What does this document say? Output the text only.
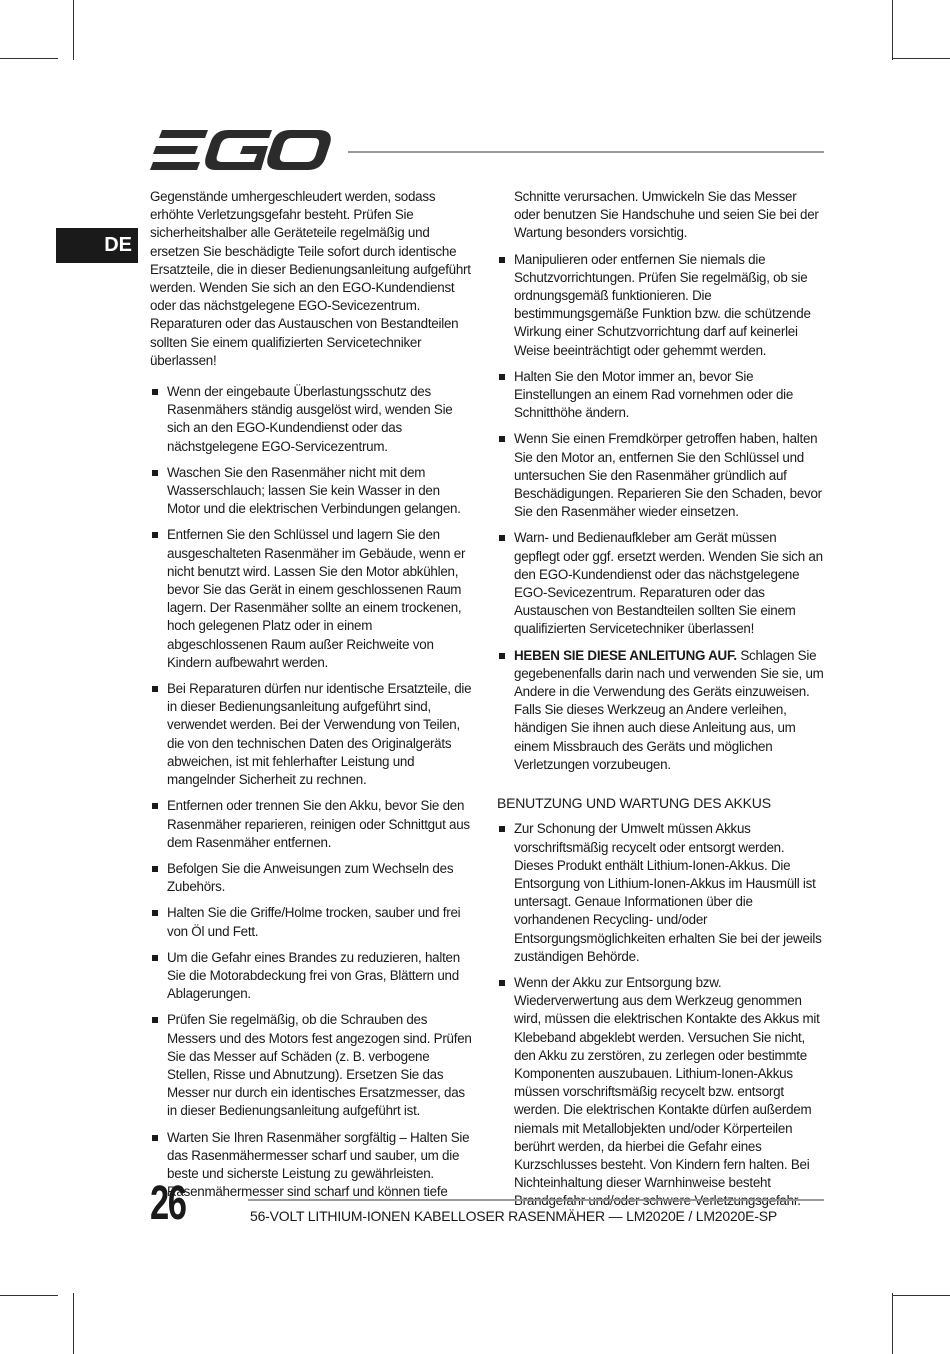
DE

Gegenstände umhergeschleudert werden, sodass erhöhte Verletzungsgefahr besteht. Prüfen Sie sicherheitshalber alle Geräteteile regelmäßig und ersetzen Sie beschädigte Teile sofort durch identische Ersatzteile, die in dieser Bedienungsanleitung aufgeführt werden. Wenden Sie sich an den EGO-Kundendienst oder das nächstgelegene EGO-Sevicezentrum. Reparaturen oder das Austauschen von Bestandteilen sollten Sie einem qualifizierten Servicetechniker überlassen!

Wenn der eingebaute Überlastungsschutz des Rasenmähers ständig ausgelöst wird, wenden Sie sich an den EGO-Kundendienst oder das nächstgelegene EGO-Servicezentrum.
Waschen Sie den Rasenmäher nicht mit dem Wasserschlauch; lassen Sie kein Wasser in den Motor und die elektrischen Verbindungen gelangen.
Entfernen Sie den Schlüssel und lagern Sie den ausgeschalteten Rasenmäher im Gebäude, wenn er nicht benutzt wird. Lassen Sie den Motor abkühlen, bevor Sie das Gerät in einem geschlossenen Raum lagern. Der Rasenmäher sollte an einem trockenen, hoch gelegenen Platz oder in einem abgeschlossenen Raum außer Reichweite von Kindern aufbewahrt werden.
Bei Reparaturen dürfen nur identische Ersatzteile, die in dieser Bedienungsanleitung aufgeführt sind, verwendet werden. Bei der Verwendung von Teilen, die von den technischen Daten des Originalgeräts abweichen, ist mit fehlerhafter Leistung und mangelnder Sicherheit zu rechnen.
Entfernen oder trennen Sie den Akku, bevor Sie den Rasenmäher reparieren, reinigen oder Schnittgut aus dem Rasenmäher entfernen.
Befolgen Sie die Anweisungen zum Wechseln des Zubehörs.
Halten Sie die Griffe/Holme trocken, sauber und frei von Öl und Fett.
Um die Gefahr eines Brandes zu reduzieren, halten Sie die Motorabdeckung frei von Gras, Blättern und Ablagerungen.
Prüfen Sie regelmäßig, ob die Schrauben des Messers und des Motors fest angezogen sind. Prüfen Sie das Messer auf Schäden (z. B. verbogene Stellen, Risse und Abnutzung). Ersetzen Sie das Messer nur durch ein identisches Ersatzmesser, das in dieser Bedienungsanleitung aufgeführt ist.
Warten Sie Ihren Rasenmäher sorgfältig – Halten Sie das Rasenmähermesser scharf und sauber, um die beste und sicherste Leistung zu gewährleisten. Rasenmähermesser sind scharf und können tiefe

Schnitte verursachen. Umwickeln Sie das Messer oder benutzen Sie Handschuhe und seien Sie bei der Wartung besonders vorsichtig.

Manipulieren oder entfernen Sie niemals die Schutzvorrichtungen. Prüfen Sie regelmäßig, ob sie ordnungsgemäß funktionieren. Die bestimmungsgemäße Funktion bzw. die schützende Wirkung einer Schutzvorrichtung darf auf keinerlei Weise beeinträchtigt oder gehemmt werden.
Halten Sie den Motor immer an, bevor Sie Einstellungen an einem Rad vornehmen oder die Schnitthöhe ändern.
Wenn Sie einen Fremdkörper getroffen haben, halten Sie den Motor an, entfernen Sie den Schlüssel und untersuchen Sie den Rasenmäher gründlich auf Beschädigungen. Reparieren Sie den Schaden, bevor Sie den Rasenmäher wieder einsetzen.
Warn- und Bedienaufkleber am Gerät müssen gepflegt oder ggf. ersetzt werden. Wenden Sie sich an den EGO-Kundendienst oder das nächstgelegene EGO-Sevicezentrum. Reparaturen oder das Austauschen von Bestandteilen sollten Sie einem qualifizierten Servicetechniker überlassen!
HEBEN SIE DIESE ANLEITUNG AUF. Schlagen Sie gegebenenfalls darin nach und verwenden Sie sie, um Andere in die Verwendung des Geräts einzuweisen. Falls Sie dieses Werkzeug an Andere verleihen, händigen Sie ihnen auch diese Anleitung aus, um einem Missbrauch des Geräts und möglichen Verletzungen vorzubeugen.
BENUTZUNG UND WARTUNG DES AKKUS
Zur Schonung der Umwelt müssen Akkus vorschriftsmäßig recycelt oder entsorgt werden. Dieses Produkt enthält Lithium-Ionen-Akkus. Die Entsorgung von Lithium-Ionen-Akkus im Hausmüll ist untersagt. Genaue Informationen über die vorhandenen Recycling- und/oder Entsorgungsmöglichkeiten erhalten Sie bei der jeweils zuständigen Behörde.
Wenn der Akku zur Entsorgung bzw. Wiederverwertung aus dem Werkzeug genommen wird, müssen die elektrischen Kontakte des Akkus mit Klebeband abgeklebt werden. Versuchen Sie nicht, den Akku zu zerstören, zu zerlegen oder bestimmte Komponenten auszubauen. Lithium-Ionen-Akkus müssen vorschriftsmäßig recycelt bzw. entsorgt werden. Die elektrischen Kontakte dürfen außerdem niemals mit Metallobjekten und/oder Körperteilen berührt werden, da hierbei die Gefahr eines Kurzschlusses besteht. Von Kindern fern halten. Bei Nichteinhaltung dieser Warnhinweise besteht
26	56-VOLT LITHIUM-IONEN KABELLOSER RASENMÄHER — LM2020E / LM2020E-SP
